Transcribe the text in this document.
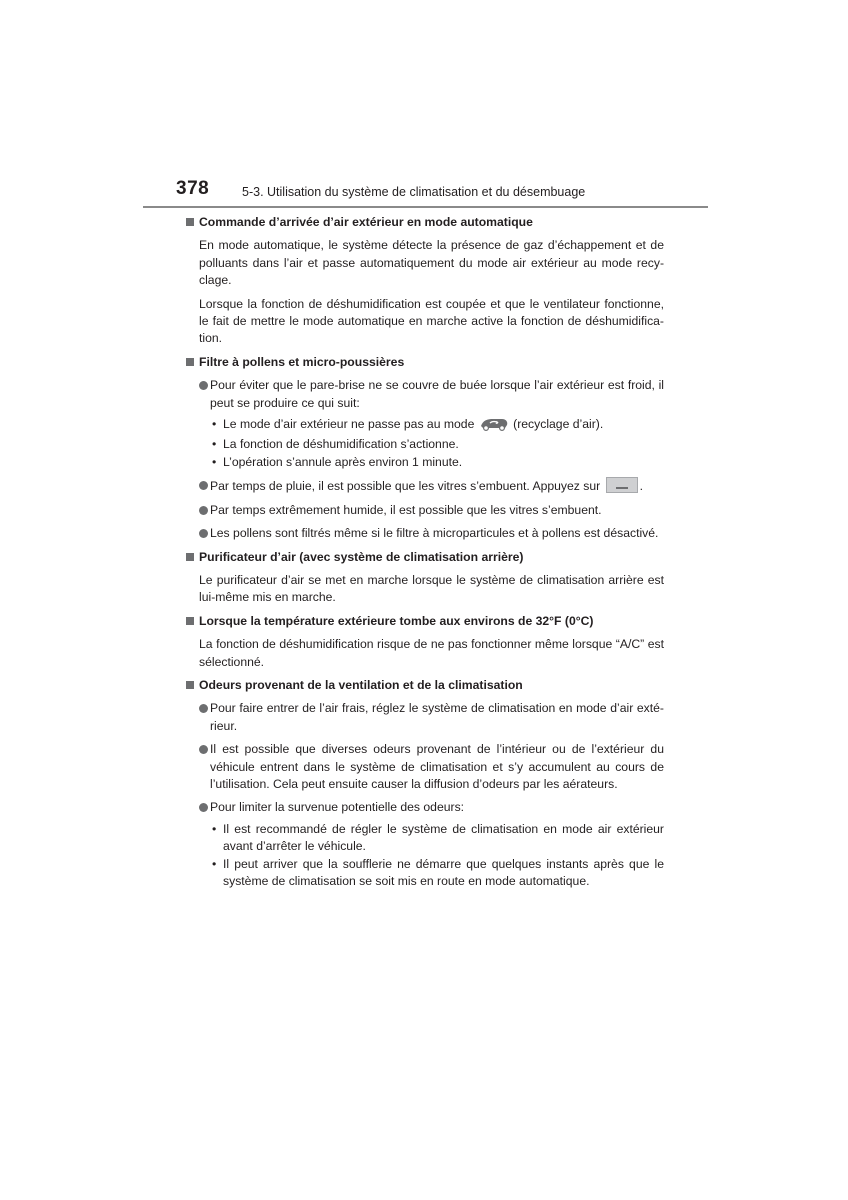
378	5-3. Utilisation du système de climatisation et du désembuage
Commande d’arrivée d’air extérieur en mode automatique
En mode automatique, le système détecte la présence de gaz d’échappement et de polluants dans l’air et passe automatiquement du mode air extérieur au mode recy- clage.
Lorsque la fonction de déshumidification est coupée et que le ventilateur fonctionne, le fait de mettre le mode automatique en marche active la fonction de déshumidifica- tion.
Filtre à pollens et micro-poussières
Pour éviter que le pare-brise ne se couvre de buée lorsque l’air extérieur est froid, il peut se produire ce qui suit:
• Le mode d’air extérieur ne passe pas au mode	(recyclage d’air).
• La fonction de déshumidification s’actionne.
• L’opération s’annule après environ 1 minute.
Par temps de pluie, il est possible que les vitres s’embuent. Appuyez sur	.
Par temps extrêmement humide, il est possible que les vitres s’embuent.
Les pollens sont filtrés même si le filtre à microparticules et à pollens est désactivé.
Purificateur d’air (avec système de climatisation arrière)
Le purificateur d’air se met en marche lorsque le système de climatisation arrière est lui-même mis en marche.
Lorsque la température extérieure tombe aux environs de 32°F (0°C)
La fonction de déshumidification risque de ne pas fonctionner même lorsque “A/C” est sélectionné.
Odeurs provenant de la ventilation et de la climatisation
Pour faire entrer de l’air frais, réglez le système de climatisation en mode d’air exté- rieur.
Il est possible que diverses odeurs provenant de l’intérieur ou de l’extérieur du véhicule entrent dans le système de climatisation et s’y accumulent au cours de l’utilisation. Cela peut ensuite causer la diffusion d’odeurs par les aérateurs.
Pour limiter la survenue potentielle des odeurs:
• Il est recommandé de régler le système de climatisation en mode air extérieur avant d’arrêter le véhicule.
• Il peut arriver que la soufflerie ne démarre que quelques instants après que le système de climatisation se soit mis en route en mode automatique.
